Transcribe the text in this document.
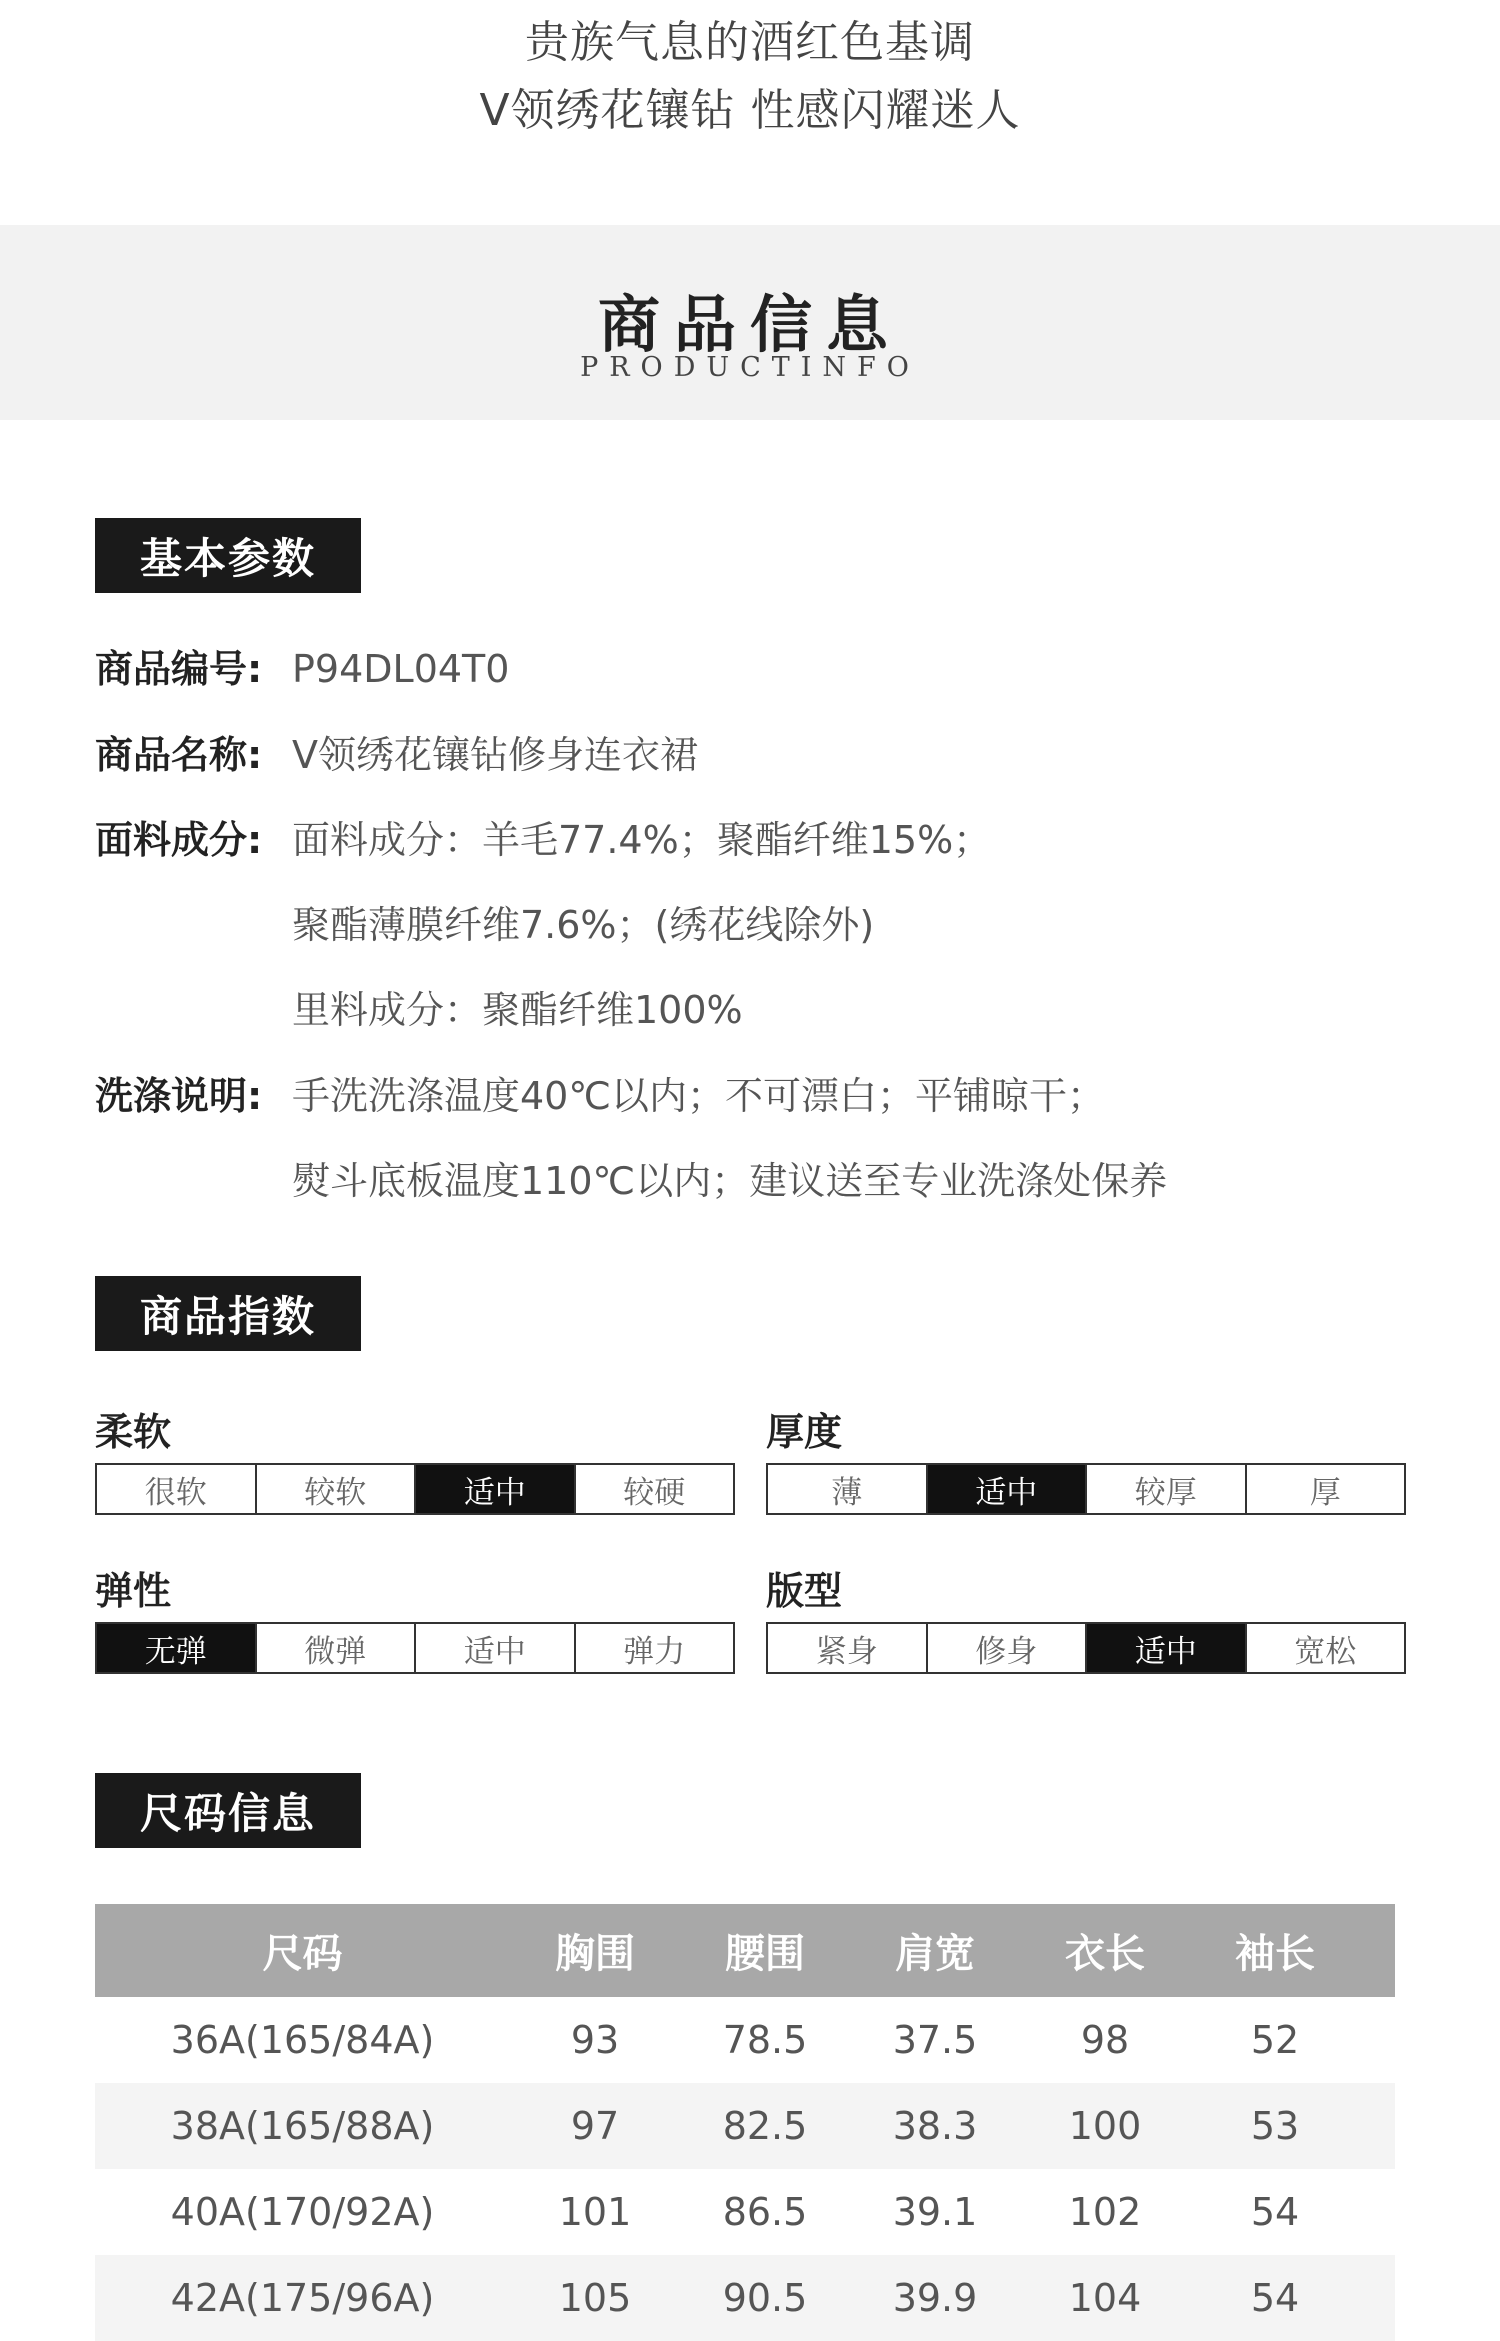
贵族气息的酒红色基调
V领绣花镶钻 性感闪耀迷人
商品信息
PRODUCTINFO
基本参数
商品编号: P94DL04T0
商品名称: V领绣花镶钻修身连衣裙
面料成分: 面料成分：羊毛77.4%；聚酯纤维15%；
聚酯薄膜纤维7.6%；(绣花线除外)
里料成分：聚酯纤维100%
洗涤说明: 手洗洗涤温度40℃以内；不可漂白；平铺晾干；
熨斗底板温度110℃以内；建议送至专业洗涤处保养
商品指数
柔软
很软	较软	适中	较硬
厚度
薄	适中	较厚	厚
弹性
无弹	微弹	适中	弹力
版型
紧身	修身	适中	宽松
尺码信息
尺码	胸围	腰围	肩宽	衣长	袖长
36A(165/84A)	93	78.5	37.5	98	52
38A(165/88A)	97	82.5	38.3	100	53
40A(170/92A)	101	86.5	39.1	102	54
42A(175/96A)	105	90.5	39.9	104	54
